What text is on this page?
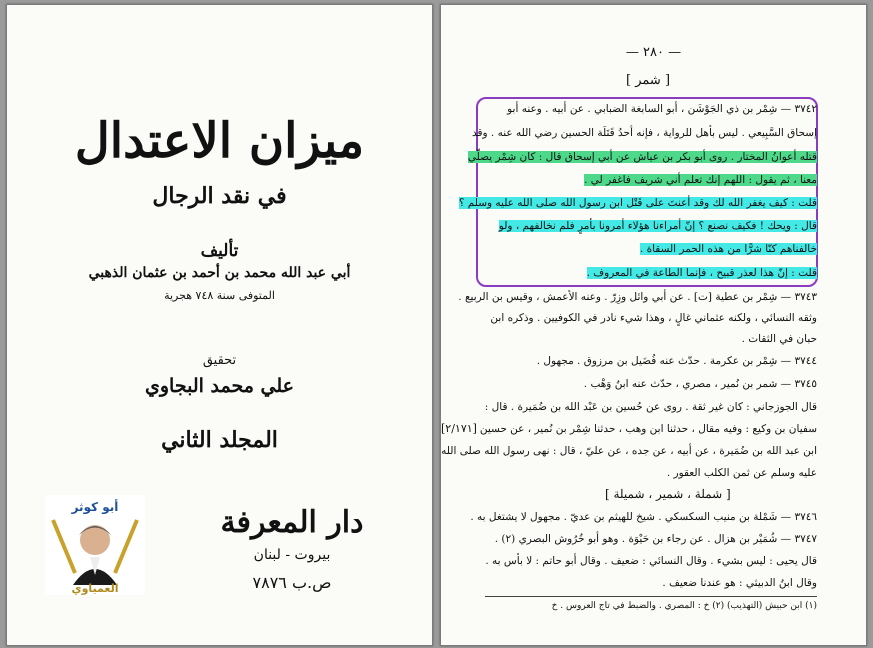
ميزان الاعتدال
في نقد الرجال
تأليف
أبي عبد الله محمد بن أحمد بن عثمان الذهبي
المتوفى سنة ٧٤٨ هجرية
تحقيق
علي محمد البجاوي
المجلد الثاني
دار المعرفة
بيروت - لبنان
ص.ب ٧٨٧٦
أبو كوثر
العمياوي
— ٢٨٠ —
[ شمر ]
٣٧٤٢ — شِمْر بن ذي الجَوْشَن ، أبو السابغة الضبابي . عن أبيه . وعنه أبو
إسحاق السَّبِيعي . ليس بأهل للرواية ، فإنه أحدُ قَتَلَة الحسين رضي الله عنه . وقد
قتله أعوانُ المختار . روى أبو بكر بن عياش عن أبي إسحاق قال : كان شِمْر يصلّي
معنا ، ثم يقول : اللهم إنك تعلم أني شريف فاغفر لي .
قلت : كيف يغفر الله لك وقد أعنتَ على قَتْل ابن رسول الله صلى الله عليه وسلم ؟
قال : ويحك ! فكيف نصنع ؟ إنّ أمراءنا هؤلاء أمرونا بأمرٍ فلم نخالفهم ، ولو
خالفناهم كنّا شرًّا من هذه الحمر السقاة .
قلت : إنّ هذا لعذر قبيح ، فإنما الطاعة في المعروف .
٣٧٤٣ — شِمْر بن عطية [ت] . عن أبي وائل وزِرّ . وعنه الأعمش ، وقيس بن الربيع .
وثقه النسائي ، ولكنه عثماني غالٍ ، وهذا شيء نادر في الكوفيين . وذكره ابن
حبان في الثقات .
٣٧٤٤ — شِمْر بن عكرمة . حدّث عنه فُضَيل بن مرزوق . مجهول .
٣٧٤٥ — شمر بن نُمير ، مصري ، حدّث عنه ابنُ وَهْب .
قال الجوزجاني : كان غير ثقة . روى عن حُسين بن عَبْد الله بن ضُمَيرة . قال :
[٢/١٧١] سفيان بن وكيع : وفيه مقال ، حدثنا ابن وهب ، حدثنا شِمْر بن نُمير ، عن حسين
ابن عبد الله بن ضُمَيرة ، عن أبيه ، عن جده ، عن عليّ ، قال : نهى رسول الله صلى الله
عليه وسلم عن ثمن الكلب العقور .
[ شملة ، شمير ، شميلة ]
٣٧٤٦ — شَمْلة بن منيب السكسكي . شيخ للهيثم بن عديّ . مجهول لا يشتغل به .
٣٧٤٧ — شُمَيْر بن هزال . عن رجاء بن حَيْوَة . وهو أبو خُرُوش البصري (٢) .
قال يحيى : ليس بشيء . وقال النسائي : ضعيف . وقال أبو حاتم : لا بأس به .
وقال ابنُ الدبيثي : هو عندنا ضعيف .
(١) ابن حبيش (التهذيب) (٢) خ : المصري . والضبط في تاج العروس . خ
